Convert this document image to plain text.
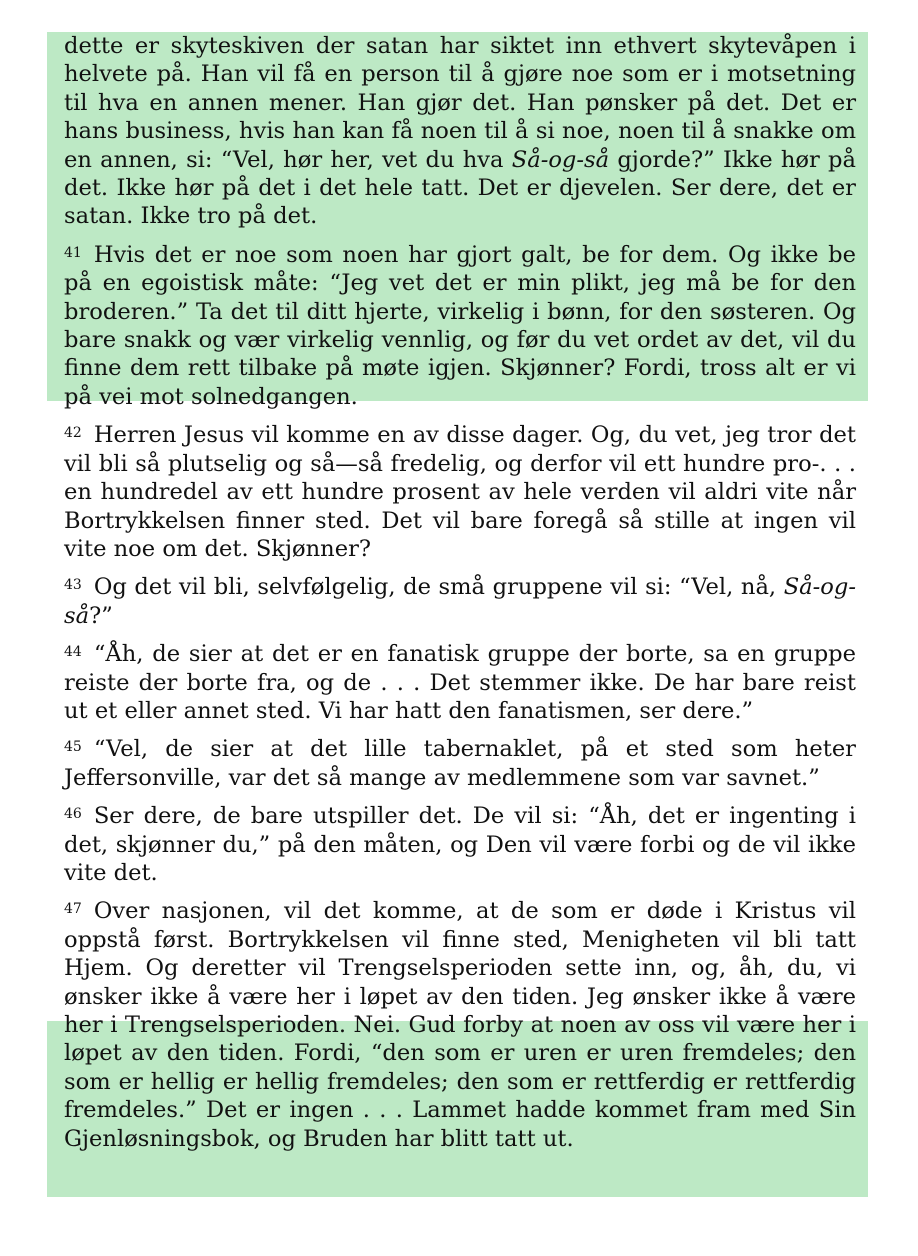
dette er skyteskiven der satan har siktet inn ethvert skytevåpen i helvete på. Han vil få en person til å gjøre noe som er i motsetning til hva en annen mener. Han gjør det. Han pønsker på det. Det er hans business, hvis han kan få noen til å si noe, noen til å snakke om en annen, si: “Vel, hør her, vet du hva Så-og-så gjorde?” Ikke hør på det. Ikke hør på det i det hele tatt. Det er djevelen. Ser dere, det er satan. Ikke tro på det.

$^{41}$ Hvis det er noe som noen har gjort galt, be for dem. Og ikke be på en egoistisk måte: “Jeg vet det er min plikt, jeg må be for den broderen.” Ta det til ditt hjerte, virkelig i bønn, for den søsteren. Og bare snakk og vær virkelig vennlig, og før du vet ordet av det, vil du finne dem rett tilbake på møte igjen. Skjønner? Fordi, tross alt er vi på vei mot solnedgangen.

$^{42}$ Herren Jesus vil komme en av disse dager. Og, du vet, jeg tror det vil bli så plutselig og så—så fredelig, og derfor vil ett hundre pro-. . . en hundredel av ett hundre prosent av hele verden vil aldri vite når Bortrykkelsen finner sted. Det vil bare foregå så stille at ingen vil vite noe om det. Skjønner?

$^{43}$ Og det vil bli, selvfølgelig, de små gruppene vil si: “Vel, nå, Så-og-så?”

$^{44}$ “Åh, de sier at det er en fanatisk gruppe der borte, sa en gruppe reiste der borte fra, og de . . . Det stemmer ikke. De har bare reist ut et eller annet sted. Vi har hatt den fanatismen, ser dere.”

$^{45}$ “Vel, de sier at det lille tabernaklet, på et sted som heter Jeffersonville, var det så mange av medlemmene som var savnet.”

$^{46}$ Ser dere, de bare utspiller det. De vil si: “Åh, det er ingenting i det, skjønner du,” på den måten, og Den vil være forbi og de vil ikke vite det.

$^{47}$ Over nasjonen, vil det komme, at de som er døde i Kristus vil oppstå først. Bortrykkelsen vil finne sted, Menigheten vil bli tatt Hjem. Og deretter vil Trengselsperioden sette inn, og, åh, du, vi ønsker ikke å være her i løpet av den tiden. Jeg ønsker ikke å være her i Trengselsperioden. Nei. Gud forby at noen av oss vil være her i løpet av den tiden. Fordi, “den som er uren er uren fremdeles; den som er hellig er hellig fremdeles; den som er rettferdig er rettferdig fremdeles.” Det er ingen . . . Lammet hadde kommet fram med Sin Gjenløsningsbok, og Bruden har blitt tatt ut.
